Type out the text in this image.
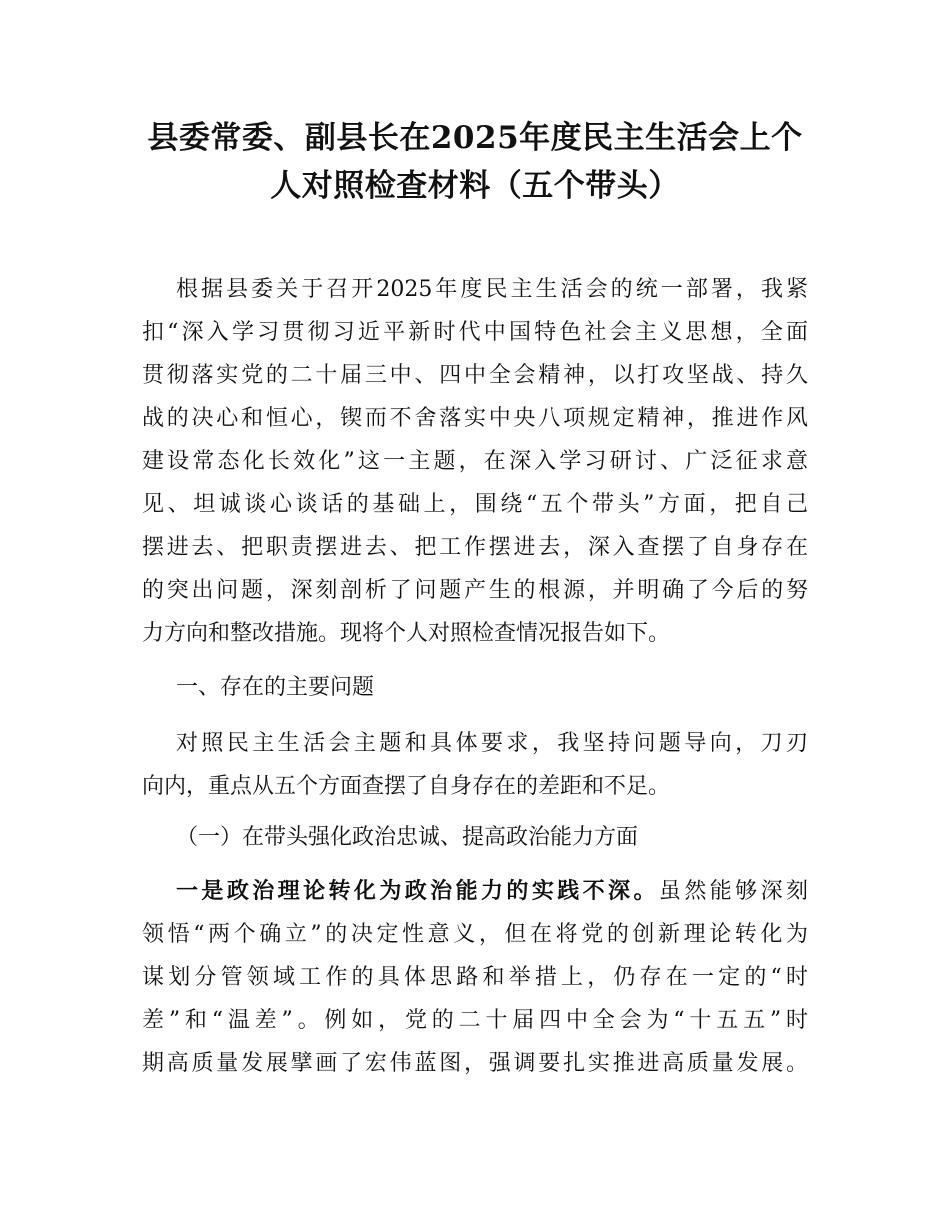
县委常委、副县长在2025年度民主生活会上个
人对照检查材料（五个带头）
根据县委关于召开2025年度民主生活会的统一部署，我紧
扣“深入学习贯彻习近平新时代中国特色社会主义思想，全面
贯彻落实党的二十届三中、四中全会精神，以打攻坚战、持久
战的决心和恒心，锲而不舍落实中央八项规定精神，推进作风
建设常态化长效化”这一主题，在深入学习研讨、广泛征求意
见、坦诚谈心谈话的基础上，围绕“五个带头”方面，把自己
摆进去、把职责摆进去、把工作摆进去，深入查摆了自身存在
的突出问题，深刻剖析了问题产生的根源，并明确了今后的努
力方向和整改措施。现将个人对照检查情况报告如下。
一、存在的主要问题
对照民主生活会主题和具体要求，我坚持问题导向，刀刃
向内，重点从五个方面查摆了自身存在的差距和不足。
（一）在带头强化政治忠诚、提高政治能力方面
一是政治理论转化为政治能力的实践不深。虽然能够深刻
领悟“两个确立”的决定性意义，但在将党的创新理论转化为
谋划分管领域工作的具体思路和举措上，仍存在一定的“时
差”和“温差”。例如，党的二十届四中全会为“十五五”时
期高质量发展擘画了宏伟蓝图，强调要扎实推进高质量发展。
